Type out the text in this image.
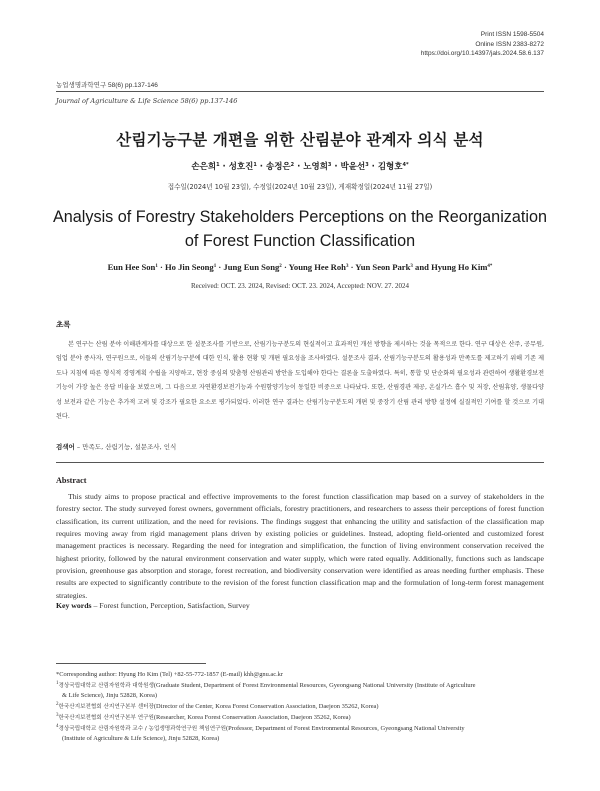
Print ISSN 1598-5504
Online ISSN 2383-8272
https://doi.org/10.14397/jals.2024.58.6.137
농업생명과학연구 58(6) pp.137-146
Journal of Agriculture & Life Science 58(6) pp.137-146
산림기능구분 개편을 위한 산림분야 관계자 의식 분석
손은희$^1$ · 성호진$^1$ · 송정은$^2$ · 노영희$^3$ · 박윤선$^3$ · 김형호$^{4*}$
접수일(2024년 10월 23일), 수정일(2024년 10월 23일), 게재확정일(2024년 11월 27일)
Analysis of Forestry Stakeholders Perceptions on the Reorganization
of Forest Function Classification
Eun Hee Son$^1$ · Ho Jin Seong$^1$ · Jung Eun Song$^2$ · Young Hee Roh$^3$ · Yun Seon Park$^3$ and Hyung Ho Kim$^{4*}$
Received: OCT. 23. 2024, Revised: OCT. 23. 2024, Accepted: NOV. 27. 2024
초록
본 연구는 산림 분야 이해관계자를 대상으로 한 설문조사를 기반으로, 산림기능구분도의 현실적이고 효과적인 개선 방향을 제시하는 것을 목적으로 한다. 연구 대상은 산주, 공무원, 임업 분야 종사자, 연구원으로, 이들의 산림기능구분에 대한 인식, 활용 현황 및 개편 필요성을 조사하였다. 설문조사 결과, 산림기능구분도의 활용성과 만족도를 제고하기 위해 기존 제도나 지침에 따른 형식적 경영계획 수립을 지양하고, 현장 중심의 맞춤형 산림관리 방안을 도입해야 한다는 결론을 도출하였다. 특히, 통합 및 단순화의 필요성과 관련하여 생활환경보전기능이 가장 높은 응답 비율을 보였으며, 그 다음으로 자연환경보전기능과 수원함양기능이 동일한 비중으로 나타났다. 또한, 산림경관 제공, 온실가스 흡수 및 저장, 산림휴양, 생물다양성 보전과 같은 기능은 추가적 고려 및 강조가 필요한 요소로 평가되었다. 이러한 연구 결과는 산림기능구분도의 개편 및 중장기 산림 관리 방향 설정에 실질적인 기여를 할 것으로 기대된다.
검색어 – 만족도, 산림기능, 설문조사, 인식
Abstract
This study aims to propose practical and effective improvements to the forest function classification map based on a survey of stakeholders in the forestry sector. The study surveyed forest owners, government officials, forestry practitioners, and researchers to assess their perceptions of forest function classification, its current utilization, and the need for revisions. The findings suggest that enhancing the utility and satisfaction of the classification map requires moving away from rigid management plans driven by existing policies or guidelines. Instead, adopting field-oriented and customized forest management practices is necessary. Regarding the need for integration and simplification, the function of living environment conservation received the highest priority, followed by the natural environment conservation and water supply, which were rated equally. Additionally, functions such as landscape provision, greenhouse gas absorption and storage, forest recreation, and biodiversity conservation were identified as areas needing further emphasis. These results are expected to significantly contribute to the revision of the forest function classification map and the formulation of long-term forest management strategies.
Key words – Forest function, Perception, Satisfaction, Survey

*Corresponding author: Hyung Ho Kim (Tel) +82-55-772-1857 (E-mail) khh@gnu.ac.kr

$^1$경상국립대학교 산림자원학과 대학원생(Graduate Student, Department of Forest Environmental Resources, Gyeongsang National University (Institute of Agriculture

& Life Science), Jinju 52828, Korea)

$^2$한국산지보전협회 산지연구본부 센터장(Director of the Center, Korea Forest Conservation Association, Daejeon 35262, Korea)

$^3$한국산지보전협회 산지연구본부 연구원(Researcher, Korea Forest Conservation Association, Daejeon 35262, Korea)

$^4$경상국립대학교 산림자원학과 교수 / 농업생명과학연구원 책임연구원(Professor, Department of Forest Environmental Resources, Gyeongsang National University

(Institute of Agriculture & Life Science), Jinju 52828, Korea)
